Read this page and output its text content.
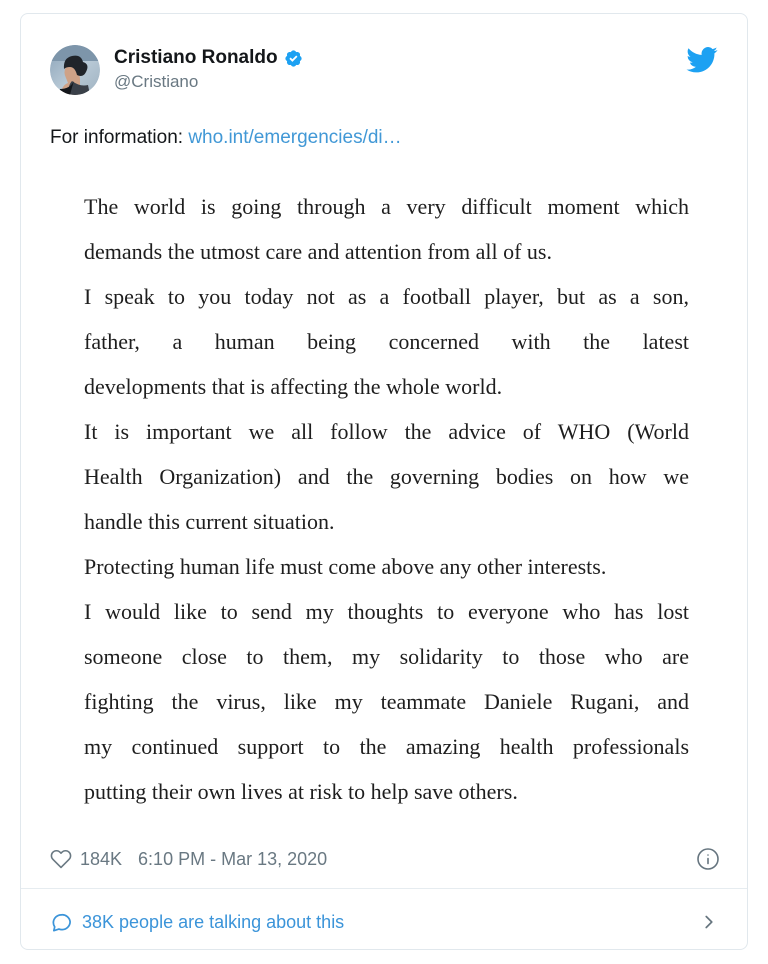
Cristiano Ronaldo
@Cristiano
For information: who.int/emergencies/di…
The world is going through a very difficult moment which
demands the utmost care and attention from all of us.
I speak to you today not as a football player, but as a son,
father, a human being concerned with the latest
developments that is affecting the whole world.
It is important we all follow the advice of WHO (World
Health Organization) and the governing bodies on how we
handle this current situation.
Protecting human life must come above any other interests.
I would like to send my thoughts to everyone who has lost
someone close to them, my solidarity to those who are
fighting the virus, like my teammate Daniele Rugani, and
my continued support to the amazing health professionals
putting their own lives at risk to help save others.
184K 6:10 PM - Mar 13, 2020
38K people are talking about this
